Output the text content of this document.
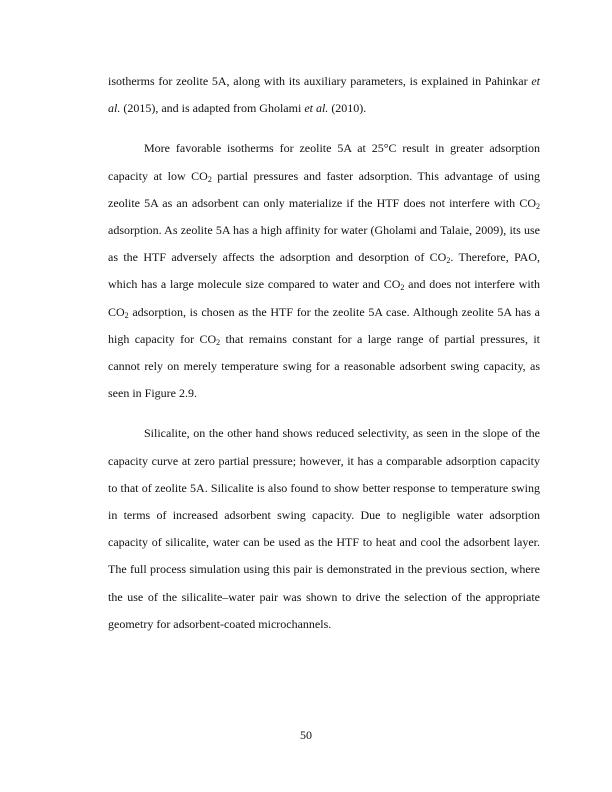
isotherms for zeolite 5A, along with its auxiliary parameters, is explained in Pahinkar et al. (2015), and is adapted from Gholami et al. (2010).

More favorable isotherms for zeolite 5A at 25°C result in greater adsorption capacity at low $CO_2$ partial pressures and faster adsorption. This advantage of using zeolite 5A as an adsorbent can only materialize if the HTF does not interfere with $CO_2$ adsorption. As zeolite 5A has a high affinity for water (Gholami and Talaie, 2009), its use as the HTF adversely affects the adsorption and desorption of $CO_2$. Therefore, PAO, which has a large molecule size compared to water and $CO_2$ and does not interfere with $CO_2$ adsorption, is chosen as the HTF for the zeolite 5A case. Although zeolite 5A has a high capacity for $CO_2$ that remains constant for a large range of partial pressures, it cannot rely on merely temperature swing for a reasonable adsorbent swing capacity, as seen in Figure 2.9.

Silicalite, on the other hand shows reduced selectivity, as seen in the slope of the capacity curve at zero partial pressure; however, it has a comparable adsorption capacity to that of zeolite 5A. Silicalite is also found to show better response to temperature swing in terms of increased adsorbent swing capacity. Due to negligible water adsorption capacity of silicalite, water can be used as the HTF to heat and cool the adsorbent layer. The full process simulation using this pair is demonstrated in the previous section, where the use of the silicalite–water pair was shown to drive the selection of the appropriate geometry for adsorbent-coated microchannels.

50
